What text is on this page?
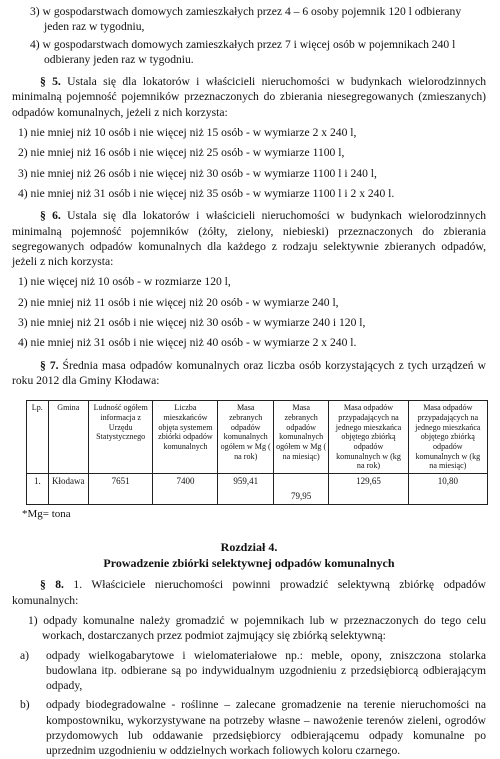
3) w gospodarstwach domowych zamieszkałych przez 4 – 6 osoby pojemnik 120 l odbierany jeden raz w tygodniu,

4) w gospodarstwach domowych zamieszkałych przez 7 i więcej osób w pojemnikach 240 l odbierany jeden raz w tygodniu.

§ 5. Ustala się dla lokatorów i właścicieli nieruchomości w budynkach wielorodzinnych minimalną pojemność pojemników przeznaczonych do zbierania niesegregowanych (zmieszanych) odpadów komunalnych, jeżeli z nich korzysta:

1) nie mniej niż 10 osób i nie więcej niż 15 osób - w wymiarze 2 x 240 l,

2) nie mniej niż 16 osób i nie więcej niż 25 osób - w wymiarze 1100 l,

3) nie mniej niż 26 osób i nie więcej niż 30 osób - w wymiarze 1100 l i 240 l,

4) nie mniej niż 31 osób i nie więcej niż 35 osób - w wymiarze 1100 l i 2 x 240 l.

§ 6. Ustala się dla lokatorów i właścicieli nieruchomości w budynkach wielorodzinnych minimalną pojemność pojemników (żółty, zielony, niebieski) przeznaczonych do zbierania segregowanych odpadów komunalnych dla każdego z rodzaju selektywnie zbieranych odpadów, jeżeli z nich korzysta:

1) nie więcej niż 10 osób - w rozmiarze 120 l,

2) nie mniej niż 11 osób i nie więcej niż 20 osób - w wymiarze 240 l,

3) nie mniej niż 21 osób i nie więcej niż 30 osób - w wymiarze 240 i 120 l,

4) nie mniej niż 31 osób i nie więcej niż 40 osób - w wymiarze 2 x 240 l.

§ 7. Średnia masa odpadów komunalnych oraz liczba osób korzystających z tych urządzeń w roku 2012 dla Gminy Kłodawa:

Lp.	Gmina	Ludność ogółem informacja z Urzędu Statystycznego	Liczba mieszkańców objęta systemem zbiórki odpadów komunalnych	Masa zebranych odpadów komunalnych ogółem w Mg ( na rok)	Masa zebranych odpadów komunalnych ogółem w Mg ( na miesiąc)	Masa odpadów przypadających na jednego mieszkańca objętego zbiórką odpadów komunalnych w (kg na rok)	Masa odpadów przypadających na jednego mieszkańca objętego zbiórką odpadów komunalnych w (kg na miesiąc)
1.	Kłodawa	7651	7400	959,41	79,95	129,65	10,80

*Mg= tona

Rozdział 4.

Prowadzenie zbiórki selektywnej odpadów komunalnych

§ 8. 1. Właściciele nieruchomości powinni prowadzić selektywną zbiórkę odpadów komunalnych:

1) odpady komunalne należy gromadzić w pojemnikach lub w przeznaczonych do tego celu workach, dostarczanych przez podmiot zajmujący się zbiórką selektywną:

a) odpady wielkogabarytowe i wielomateriałowe np.: meble, opony, zniszczona stolarka budowlana itp. odbierane są po indywidualnym uzgodnieniu z przedsiębiorcą odbierającym odpady,

b) odpady biodegradowalne - roślinne – zalecane gromadzenie na terenie nieruchomości na kompostowniku, wykorzystywane na potrzeby własne – nawożenie terenów zieleni, ogrodów przydomowych lub oddawanie przedsiębiorcy odbierającemu odpady komunalne po uprzednim uzgodnieniu w oddzielnych workach foliowych koloru czarnego.
